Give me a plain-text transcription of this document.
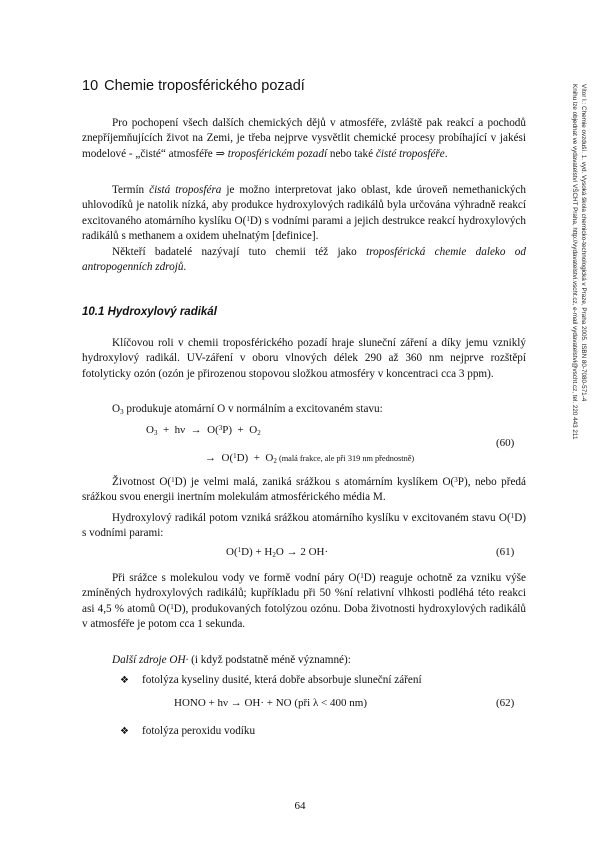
10 Chemie troposférického pozadí	Vítor I.: Chemie ovzduší. 1. vyd. Vysoká škola chemicko-technologická v Praze, Praha 2005. ISBN 80-7080-571-4
Knihu lze objednat ve vydavatelství VŠCHT Praha, http://vydavatelstvi.vscht.cz, e-mail vydavatelstvi@vscht.cz, tel. 220 443 211

Pro pochopení všech dalších chemických dějů v atmosféře, zvláště pak reakcí a pochodů znepříjemňujících život na Zemi, je třeba nejprve vysvětlit chemické procesy probíhající v jakési modelové - „čisté“ atmosféře ⇒ troposférickém pozadí nebo také čisté troposféře.

Termín čistá troposféra je možno interpretovat jako oblast, kde úroveň nemethanických uhlovodíků je natolik nízká, aby produkce hydroxylových radikálů byla určována výhradně reakcí excitovaného atomárního kyslíku O($^1$D) s vodními parami a jejich destrukce reakcí hydroxylových radikálů s methanem a oxidem uhelnatým [definice].

Někteří badatelé nazývají tuto chemii též jako troposférická chemie daleko od antropogenních zdrojů.

10.1 Hydroxylový radikál

Klíčovou roli v chemii troposférického pozadí hraje sluneční záření a díky jemu vzniklý hydroxylový radikál. UV-záření v oboru vlnových délek 290 až 360 nm nejprve rozštěpí fotolyticky ozón (ozón je přirozenou stopovou složkou atmosféry v koncentraci cca 3 ppm).

$O_3$ produkuje atomární O v normálním a excitovaném stavu:

$O_3 + h\nu \to O(^3P) + O_2$
→  $O(^1D) + O_2$ (malá frakce, ale při 319 nm přednostně)
(60)

Životnost O($^1$D) je velmi malá, zaniká srážkou s atomárním kyslíkem O($^3$P), nebo předá srážkou svou energii inertním molekulám atmosférického média M.

Hydroxylový radikál potom vzniká srážkou atomárního kyslíku v excitovaném stavu O($^1$D) s vodními parami:

$O(^1D) + H_2O \to 2$ OH·	(61)

Při srážce s molekulou vody ve formě vodní páry O($^1$D) reaguje ochotně za vzniku výše zmíněných hydroxylových radikálů; kupříkladu při 50 %ní relativní vlhkosti podléhá této reakci asi 4,5 % atomů O($^1$D), produkovaných fotolýzou ozónu. Doba životnosti hydroxylových radikálů v atmosféře je potom cca 1 sekunda.

Další zdroje OH· (i když podstatně méně významné):

❖ fotolýza kyseliny dusité, která dobře absorbuje sluneční záření
HONO + hν → OH· + NO (při λ < 400 nm)	(62)
❖ fotolýza peroxidu vodíku
64
